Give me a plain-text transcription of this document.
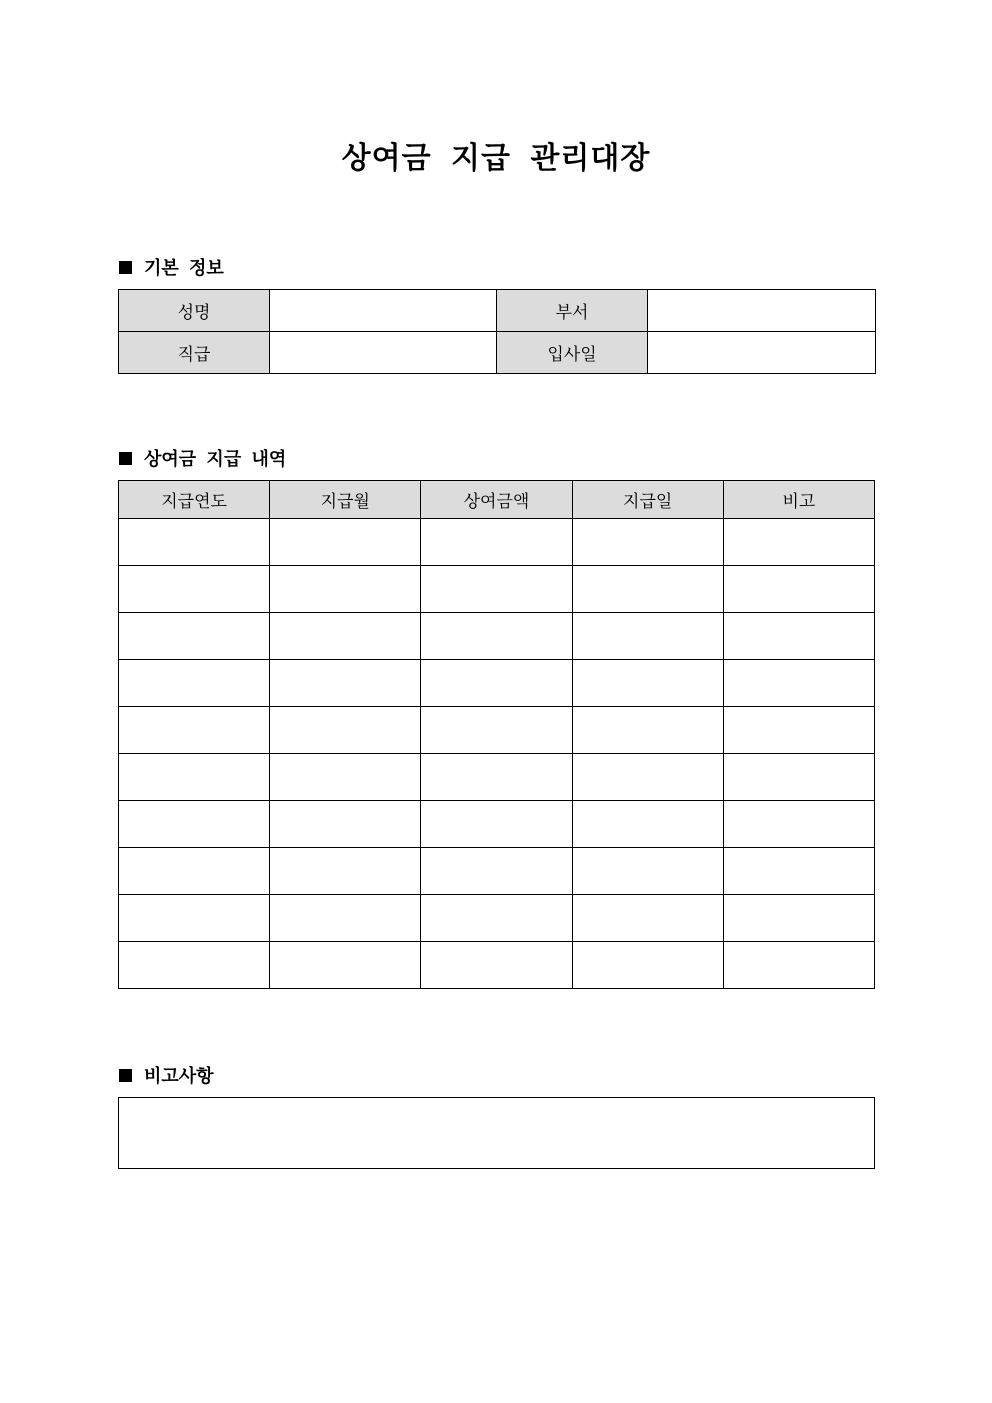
상여금 지급 관리대장
기본 정보
성명		부서	
직급		입사일	
상여금 지급 내역
지급연도	지급월	상여금액	지급일	비고

비고사항
